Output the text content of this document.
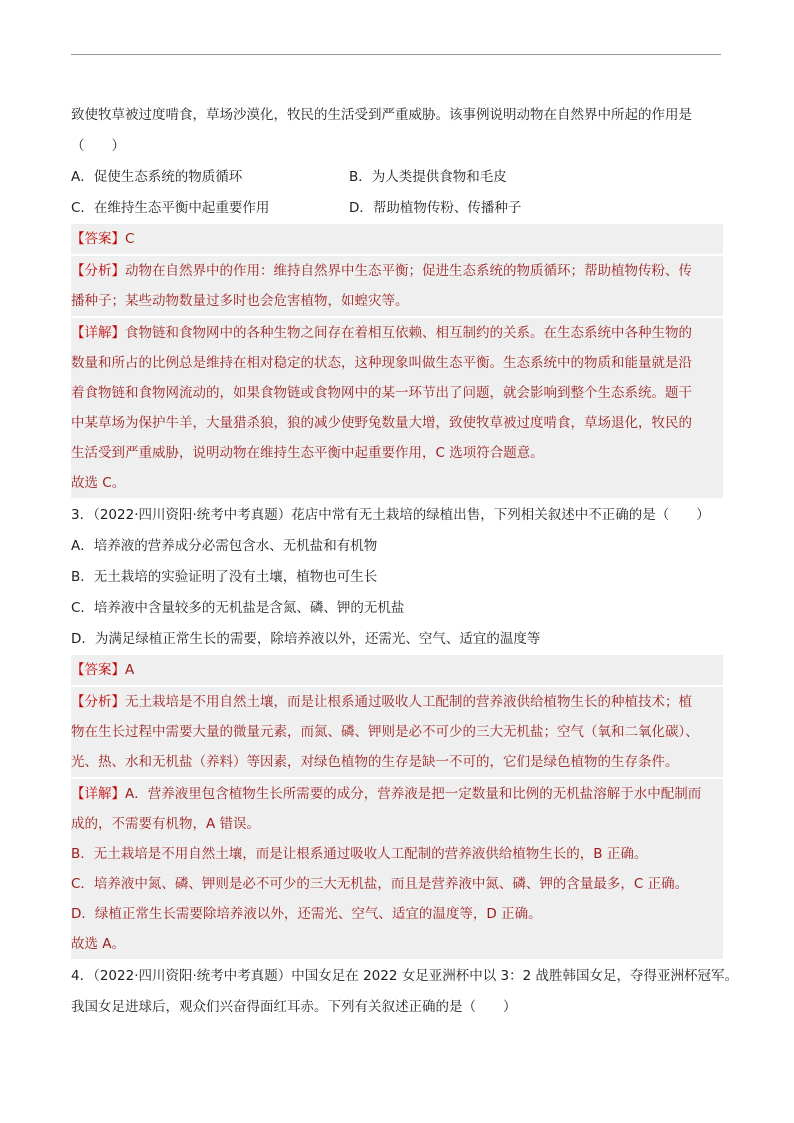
致使牧草被过度啃食，草场沙漠化，牧民的生活受到严重威胁。该事例说明动物在自然界中所起的作用是
（　　）
A．促使生态系统的物质循环	B．为人类提供食物和毛皮
C．在维持生态平衡中起重要作用	D．帮助植物传粉、传播种子
【答案】C
【分析】动物在自然界中的作用：维持自然界中生态平衡；促进生态系统的物质循环；帮助植物传粉、传
播种子；某些动物数量过多时也会危害植物，如蝗灾等。
【详解】食物链和食物网中的各种生物之间存在着相互依赖、相互制约的关系。在生态系统中各种生物的
数量和所占的比例总是维持在相对稳定的状态，这种现象叫做生态平衡。生态系统中的物质和能量就是沿
着食物链和食物网流动的，如果食物链或食物网中的某一环节出了问题，就会影响到整个生态系统。题干
中某草场为保护牛羊，大量猎杀狼，狼的减少使野兔数量大增，致使牧草被过度啃食，草场退化，牧民的
生活受到严重威胁，说明动物在维持生态平衡中起重要作用，C 选项符合题意。
故选 C。
3．（2022·四川资阳·统考中考真题）花店中常有无土栽培的绿植出售，下列相关叙述中不正确的是（　　）
A．培养液的营养成分必需包含水、无机盐和有机物
B．无土栽培的实验证明了没有土壤，植物也可生长
C．培养液中含量较多的无机盐是含氮、磷、钾的无机盐
D．为满足绿植正常生长的需要，除培养液以外，还需光、空气、适宜的温度等
【答案】A
【分析】无土栽培是不用自然土壤，而是让根系通过吸收人工配制的营养液供给植物生长的种植技术；植
物在生长过程中需要大量的微量元素，而氮、磷、钾则是必不可少的三大无机盐；空气（氧和二氧化碳）、
光、热、水和无机盐（养料）等因素，对绿色植物的生存是缺一不可的，它们是绿色植物的生存条件。
【详解】A．营养液里包含植物生长所需要的成分，营养液是把一定数量和比例的无机盐溶解于水中配制而
成的，不需要有机物，A 错误。
B．无土栽培是不用自然土壤，而是让根系通过吸收人工配制的营养液供给植物生长的，B 正确。
C．培养液中氮、磷、钾则是必不可少的三大无机盐，而且是营养液中氮、磷、钾的含量最多，C 正确。
D．绿植正常生长需要除培养液以外，还需光、空气、适宜的温度等，D 正确。
故选 A。
4．（2022·四川资阳·统考中考真题）中国女足在 2022 女足亚洲杯中以 3：2 战胜韩国女足，夺得亚洲杯冠军。
我国女足进球后，观众们兴奋得面红耳赤。下列有关叙述正确的是（　　）
